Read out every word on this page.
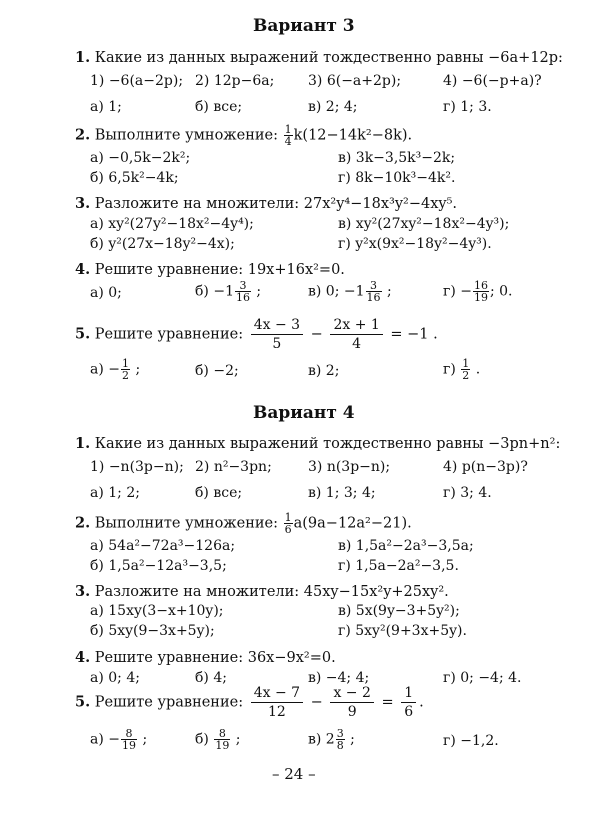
Вариант 3
1. Какие из данных выражений тождественно равны −6a+12p:
1) −6(a−2p); 2) 12p−6a; 3) 6(−a+2p);	4) −6(−p+a)?
а) 1;	б) все;	в) 2; 4;	г) 1; 3.
2. Выполните умножение: $\frac{1}{4} k(12-14k^2-8k)$.
а) −0,5k−2k²;	в) 3k−3,5k³−2k;
б) 6,5k²−4k;	г) 8k−10k³−4k².
3. Разложите на множители: 27x²y⁴−18x³y²−4xy⁵.
а) xy²(27y²−18x²−4y⁴);	в) xy²(27xy²−18x²−4y³);
б) y²(27x−18y²−4x);	г) y²x(9x²−18y²−4y³).
4. Решите уравнение: 19x+16x²=0.
а) 0;	$б) -1 \frac{3}{16}$ ;	в) 0; $-1 \frac{3}{16}$ ;	$г) - \frac{16}{19}$ ; 0.
5. Решите уравнение: $\frac{4x - 3}{5} - \frac{2x + 1}{4} = -1$ .
$а) - \frac{1}{2}$ ;	б) −2;	в) 2;	$г) \frac{1}{2}$ .
Вариант 4
1. Какие из данных выражений тождественно равны −3pn+n²:
1) −n(3p−n); 2) n²−3pn;	3) n(3p−n);	4) p(n−3p)?
а) 1; 2;	б) все;	в) 1; 3; 4;	г) 3; 4.
2. Выполните умножение: $\frac{1}{6} a(9a-12a^2-21)$.
а) 54a²−72a³−126a;	в) 1,5a²−2a³−3,5a;
б) 1,5a²−12a³−3,5;	г) 1,5a−2a²−3,5.
3. Разложите на множители: 45xy−15x²y+25xy².
а) 15xy(3−x+10y);	в) 5x(9y−3+5y²);
б) 5xy(9−3x+5y);	г) 5xy²(9+3x+5y).
4. Решите уравнение: 36x−9x²=0.
а) 0; 4;	б) 4;	в) −4; 4;	г) 0; −4; 4.
5. Решите уравнение: $\frac{4x - 7}{12} - \frac{x - 2}{9} = \frac{1}{6}$ .
$а) - \frac{8}{19}$ ;	$б) \frac{8}{19}$ ;	в) $2 \frac{3}{8}$ ;	г) −1,2.
– 24 –
